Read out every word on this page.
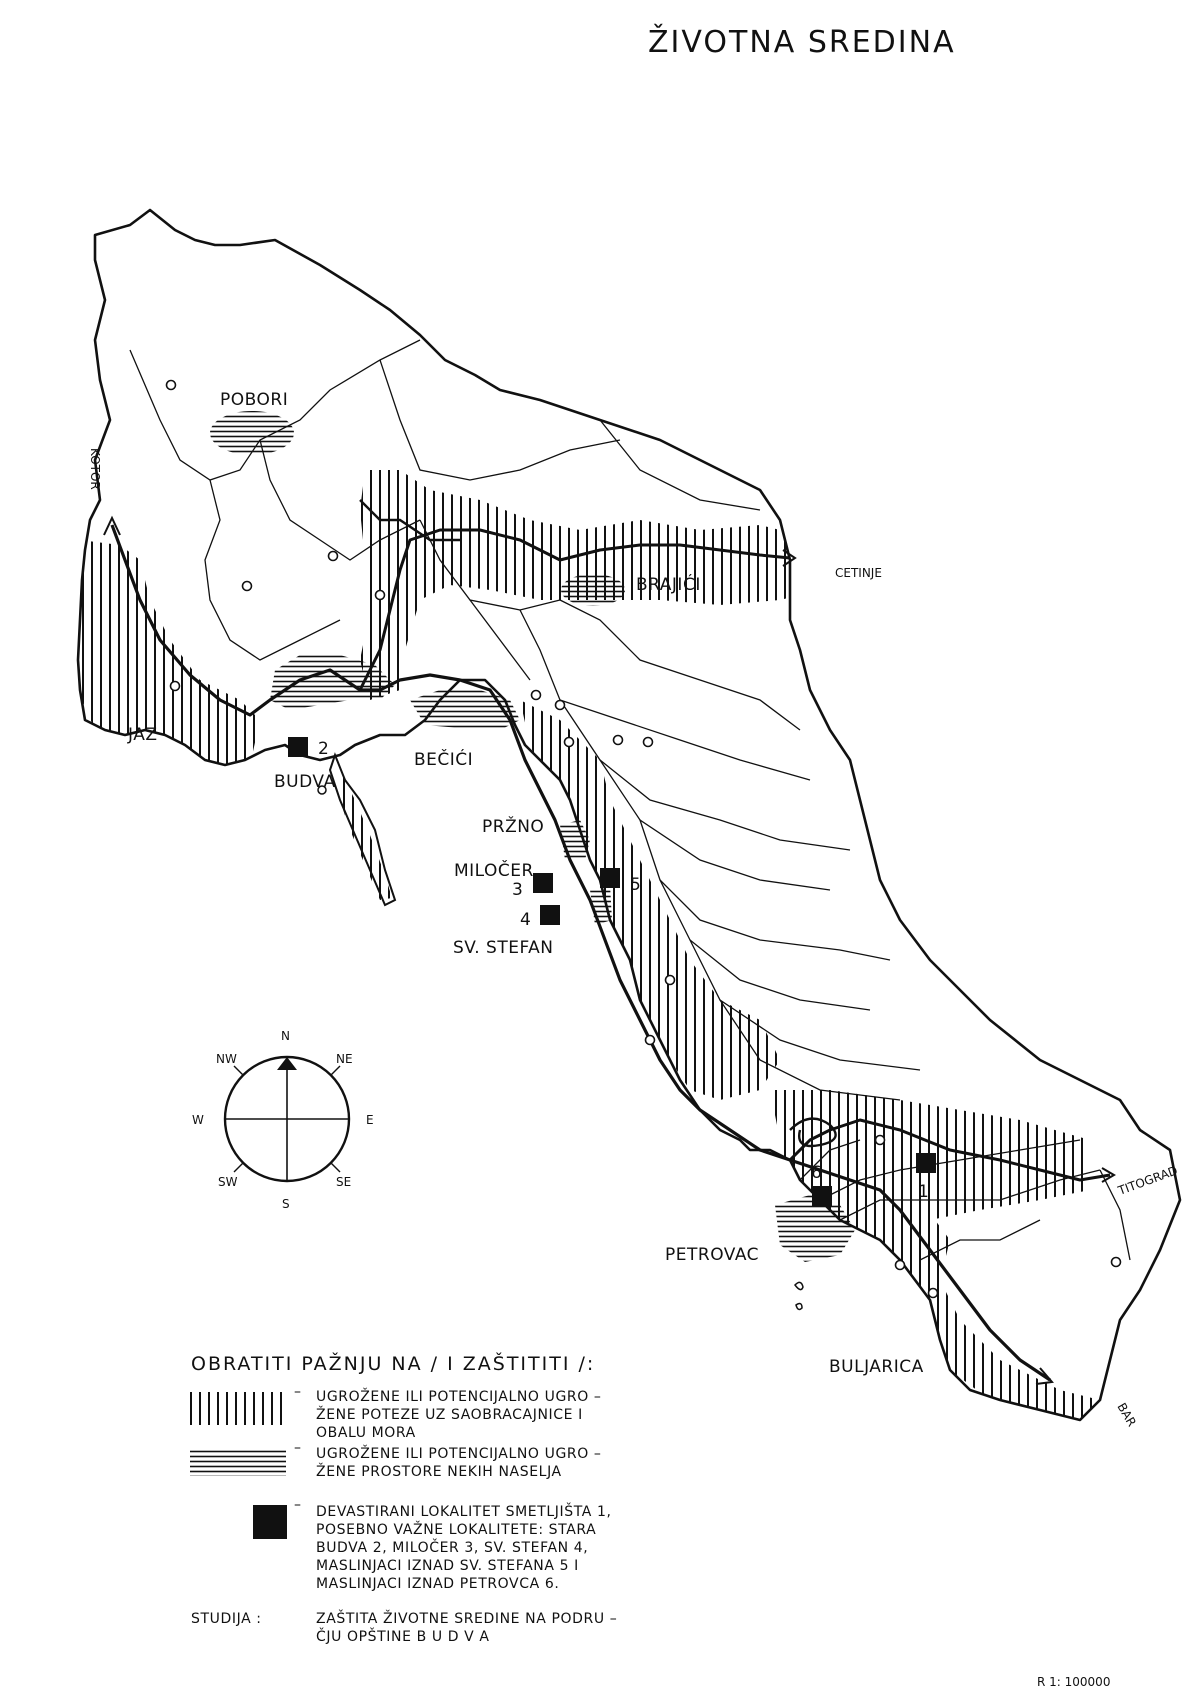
ŽIVOTNA SREDINA
2
3	5
4
6
1
POBORI
BRAJIĆI
JAZ
BUDVA
BEČIĆI
PRŽNO
MILOČER
SV. STEFAN
PETROVAC
BULJARICA
KOTOR
CETINJE
TITOGRAD
BAR
N
NE
E
SE
S
SW
W
NW
OBRATITI PAŽNJU NA / I ZAŠTITITI /:
– UGROŽENE ILI POTENCIJALNO UGRO –
ŽENE POTEZE UZ SAOBRACAJNICE I
OBALU MORA
– UGROŽENE ILI POTENCIJALNO UGRO –
ŽENE PROSTORE NEKIH NASELJA
– DEVASTIRANI LOKALITET SMETLJIŠTA 1,
POSEBNO VAŽNE LOKALITETE: STARA
BUDVA 2, MILOČER 3, SV. STEFAN 4,
MASLINJACI IZNAD SV. STEFANA 5 I
MASLINJACI IZNAD PETROVCA 6.
STUDIJA :	ZAŠTITA ŽIVOTNE SREDINE NA PODRU –
ČJU OPŠTINE B U D V A
R 1: 100000
